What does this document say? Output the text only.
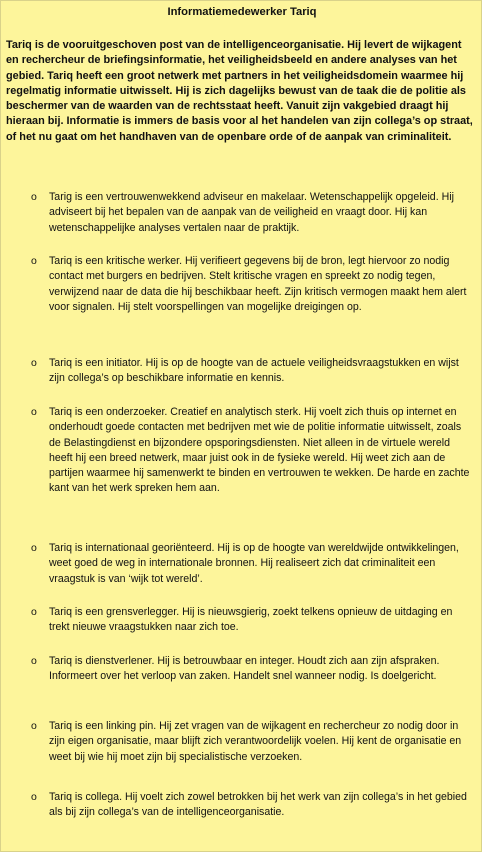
Informatiemedewerker Tariq
Tariq is de vooruitgeschoven post van de intelligenceorganisatie. Hij levert de wijkagent en rechercheur de briefingsinformatie, het veiligheidsbeeld en andere analyses van het gebied. Tariq heeft een groot netwerk met partners in het veiligheidsdomein waarmee hij regelmatig informatie uitwisselt. Hij is zich dagelijks bewust van de taak die de politie als beschermer van de waarden van de rechtsstaat heeft. Vanuit zijn vakgebied draagt hij hieraan bij. Informatie is immers de basis voor al het handelen van zijn collega’s op straat, of het nu gaat om het handhaven van de openbare orde of de aanpak van criminaliteit.
o Tarig is een vertrouwenwekkend adviseur en makelaar. Wetenschappelijk opgeleid. Hij adviseert bij het bepalen van de aanpak van de veiligheid en vraagt door. Hij kan wetenschappelijke analyses vertalen naar de praktijk.
o Tariq is een kritische werker. Hij verifieert gegevens bij de bron, legt hiervoor zo nodig contact met burgers en bedrijven. Stelt kritische vragen en spreekt zo nodig tegen, verwijzend naar de data die hij beschikbaar heeft. Zijn kritisch vermogen maakt hem alert voor signalen. Hij stelt voorspellingen van mogelijke dreigingen op.
o Tariq is een initiator. Hij is op de hoogte van de actuele veiligheidsvraagstukken en wijst zijn collega’s op beschikbare informatie en kennis.
o Tariq is een onderzoeker. Creatief en analytisch sterk. Hij voelt zich thuis op internet en onderhoudt goede contacten met bedrijven met wie de politie informatie uitwisselt, zoals de Belastingdienst en bijzondere opsporingsdiensten. Niet alleen in de virtuele wereld heeft hij een breed netwerk, maar juist ook in de fysieke wereld. Hij weet zich aan de partijen waarmee hij samenwerkt te binden en vertrouwen te wekken. De harde en zachte kant van het werk spreken hem aan.
o Tariq is internationaal georiënteerd. Hij is op de hoogte van wereldwijde ontwikkelingen, weet goed de weg in internationale bronnen. Hij realiseert zich dat criminaliteit een vraagstuk is van ‘wijk tot wereld’.
o Tariq is een grensverlegger. Hij is nieuwsgierig, zoekt telkens opnieuw de uitdaging en trekt nieuwe vraagstukken naar zich toe.
o Tariq is dienstverlener. Hij is betrouwbaar en integer. Houdt zich aan zijn afspraken. Informeert over het verloop van zaken. Handelt snel wanneer nodig. Is doelgericht.
o Tariq is een linking pin. Hij zet vragen van de wijkagent en rechercheur zo nodig door in zijn eigen organisatie, maar blijft zich verantwoordelijk voelen. Hij kent de organisatie en weet bij wie hij moet zijn bij specialistische verzoeken.
o Tariq is collega. Hij voelt zich zowel betrokken bij het werk van zijn collega’s in het gebied als bij zijn collega’s van de intelligenceorganisatie.
